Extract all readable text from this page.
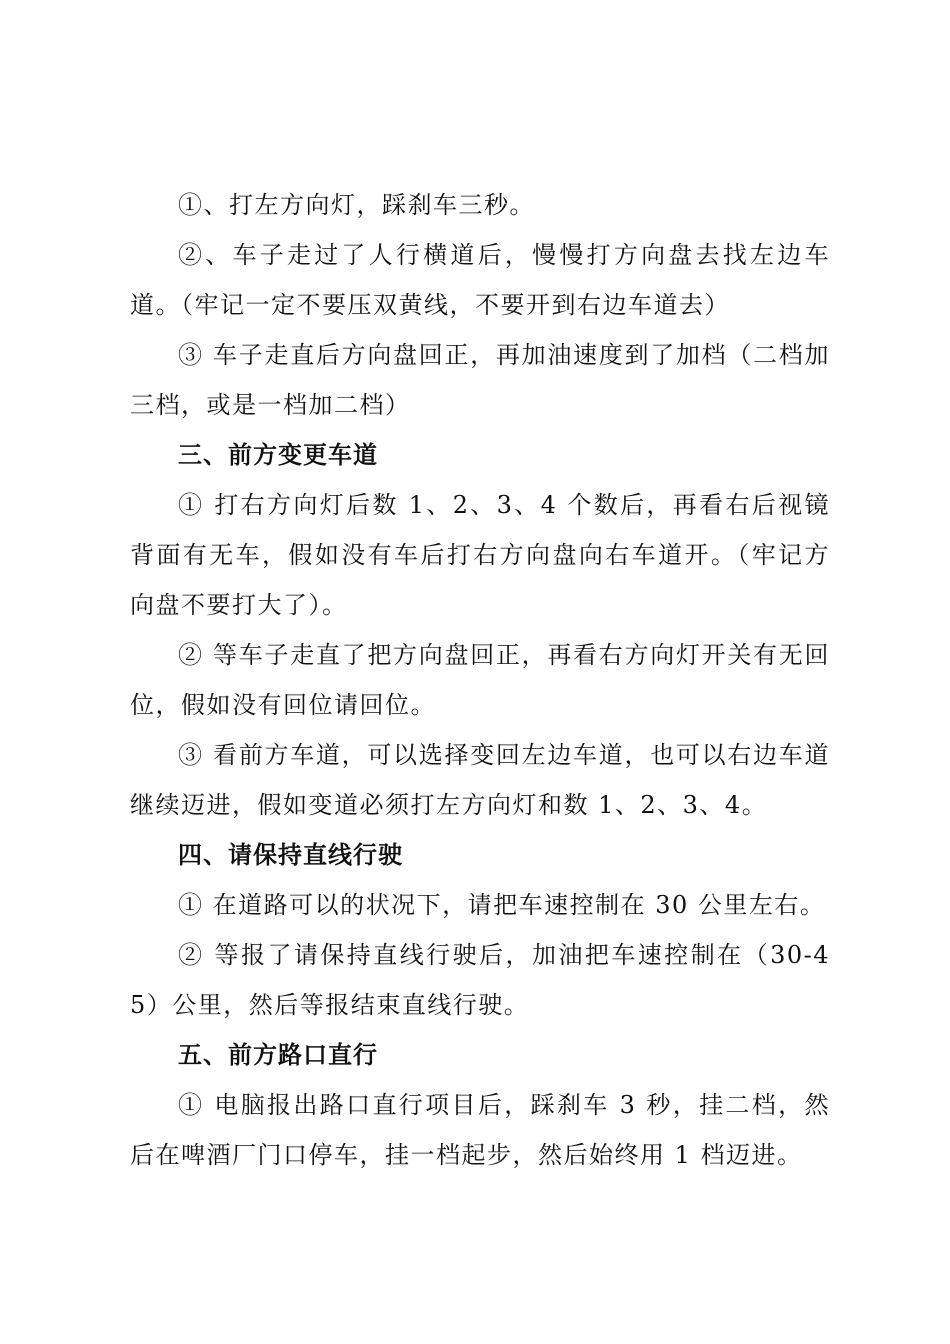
①、打左方向灯，踩刹车三秒。

②、车子走过了人行横道后，慢慢打方向盘去找左边车道。（牢记一定不要压双黄线，不要开到右边车道去）

③ 车子走直后方向盘回正，再加油速度到了加档（二档加三档，或是一档加二档）

三、前方变更车道

① 打右方向灯后数 1、2、3、4 个数后，再看右后视镜背面有无车，假如没有车后打右方向盘向右车道开。（牢记方向盘不要打大了）。

② 等车子走直了把方向盘回正，再看右方向灯开关有无回位，假如没有回位请回位。

③ 看前方车道，可以选择变回左边车道，也可以右边车道继续迈进，假如变道必须打左方向灯和数 1、2、3、4。

四、请保持直线行驶

① 在道路可以的状况下，请把车速控制在 30 公里左右。

② 等报了请保持直线行驶后，加油把车速控制在（30-45）公里，然后等报结束直线行驶。

五、前方路口直行

① 电脑报出路口直行项目后，踩刹车 3 秒，挂二档，然后在啤酒厂门口停车，挂一档起步，然后始终用 1 档迈进。
